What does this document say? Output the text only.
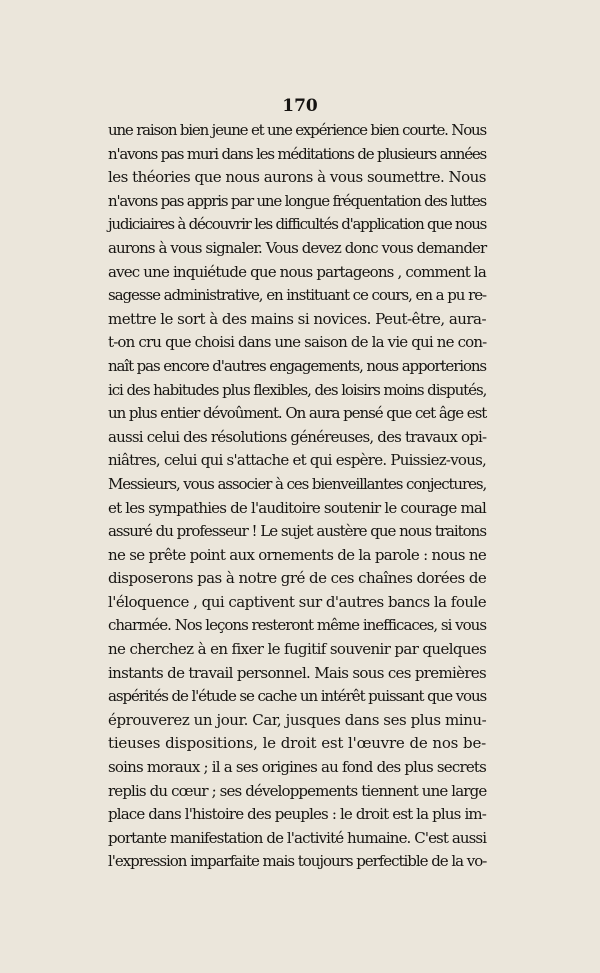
170
une raison bien jeune et une expérience bien courte. Nous
n'avons pas muri dans les méditations de plusieurs années
les théories que nous aurons à vous soumettre. Nous
n'avons pas appris par une longue fréquentation des luttes
judiciaires à découvrir les difficultés d'application que nous
aurons à vous signaler. Vous devez donc vous demander
avec une inquiétude que nous partageons , comment la
sagesse administrative, en instituant ce cours, en a pu re-
mettre le sort à des mains si novices. Peut-être, aura-
t-on cru que choisi dans une saison de la vie qui ne con-
naît pas encore d'autres engagements, nous apporterions
ici des habitudes plus flexibles, des loisirs moins disputés,
un plus entier dévoûment. On aura pensé que cet âge est
aussi celui des résolutions généreuses, des travaux opi-
niâtres, celui qui s'attache et qui espère. Puissiez-vous,
Messieurs, vous associer à ces bienveillantes conjectures,
et les sympathies de l'auditoire soutenir le courage mal
assuré du professeur ! Le sujet austère que nous traitons
ne se prête point aux ornements de la parole : nous ne
disposerons pas à notre gré de ces chaînes dorées de
l'éloquence , qui captivent sur d'autres bancs la foule
charmée. Nos leçons resteront même inefficaces, si vous
ne cherchez à en fixer le fugitif souvenir par quelques
instants de travail personnel. Mais sous ces premières
aspérités de l'étude se cache un intérêt puissant que vous
éprouverez un jour. Car, jusques dans ses plus minu-
tieuses dispositions, le droit est l'œuvre de nos be-
soins moraux ; il a ses origines au fond des plus secrets
replis du cœur ; ses développements tiennent une large
place dans l'histoire des peuples : le droit est la plus im-
portante manifestation de l'activité humaine. C'est aussi
l'expression imparfaite mais toujours perfectible de la vo-
